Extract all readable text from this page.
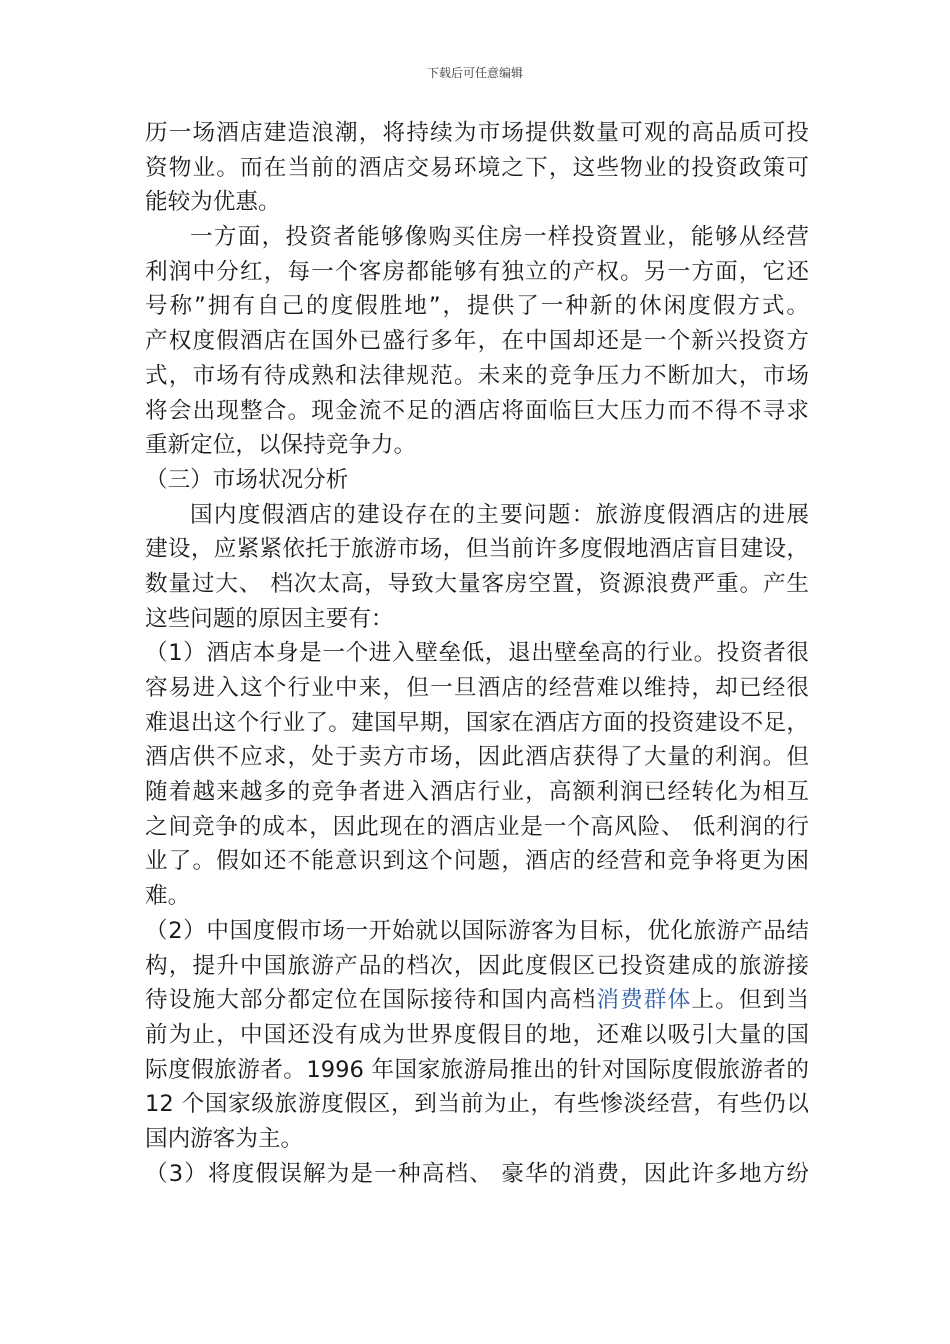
下载后可任意编辑
历一场酒店建造浪潮，将持续为市场提供数量可观的高品质可投
资物业。而在当前的酒店交易环境之下，这些物业的投资政策可
能较为优惠。
一方面，投资者能够像购买住房一样投资置业，能够从经营
利润中分红，每一个客房都能够有独立的产权。另一方面，它还
号称”拥有自己的度假胜地”，提供了一种新的休闲度假方式。
产权度假酒店在国外已盛行多年，在中国却还是一个新兴投资方
式，市场有待成熟和法律规范。未来的竞争压力不断加大，市场
将会出现整合。现金流不足的酒店将面临巨大压力而不得不寻求
重新定位，以保持竞争力。
（三）市场状况分析
国内度假酒店的建设存在的主要问题：旅游度假酒店的进展
建设，应紧紧依托于旅游市场，但当前许多度假地酒店盲目建设，
数量过大、 档次太高，导致大量客房空置，资源浪费严重。产生
这些问题的原因主要有：
（1）酒店本身是一个进入壁垒低，退出壁垒高的行业。投资者很
容易进入这个行业中来，但一旦酒店的经营难以维持，却已经很
难退出这个行业了。建国早期，国家在酒店方面的投资建设不足，
酒店供不应求，处于卖方市场，因此酒店获得了大量的利润。但
随着越来越多的竞争者进入酒店行业，高额利润已经转化为相互
之间竞争的成本，因此现在的酒店业是一个高风险、 低利润的行
业了。假如还不能意识到这个问题，酒店的经营和竞争将更为困
难。
（2）中国度假市场一开始就以国际游客为目标，优化旅游产品结
构，提升中国旅游产品的档次，因此度假区已投资建成的旅游接
待设施大部分都定位在国际接待和国内高档消费群体上。但到当
前为止，中国还没有成为世界度假目的地，还难以吸引大量的国
际度假旅游者。1996 年国家旅游局推出的针对国际度假旅游者的
12 个国家级旅游度假区，到当前为止，有些惨淡经营，有些仍以
国内游客为主。
（3）将度假误解为是一种高档、 豪华的消费，因此许多地方纷
